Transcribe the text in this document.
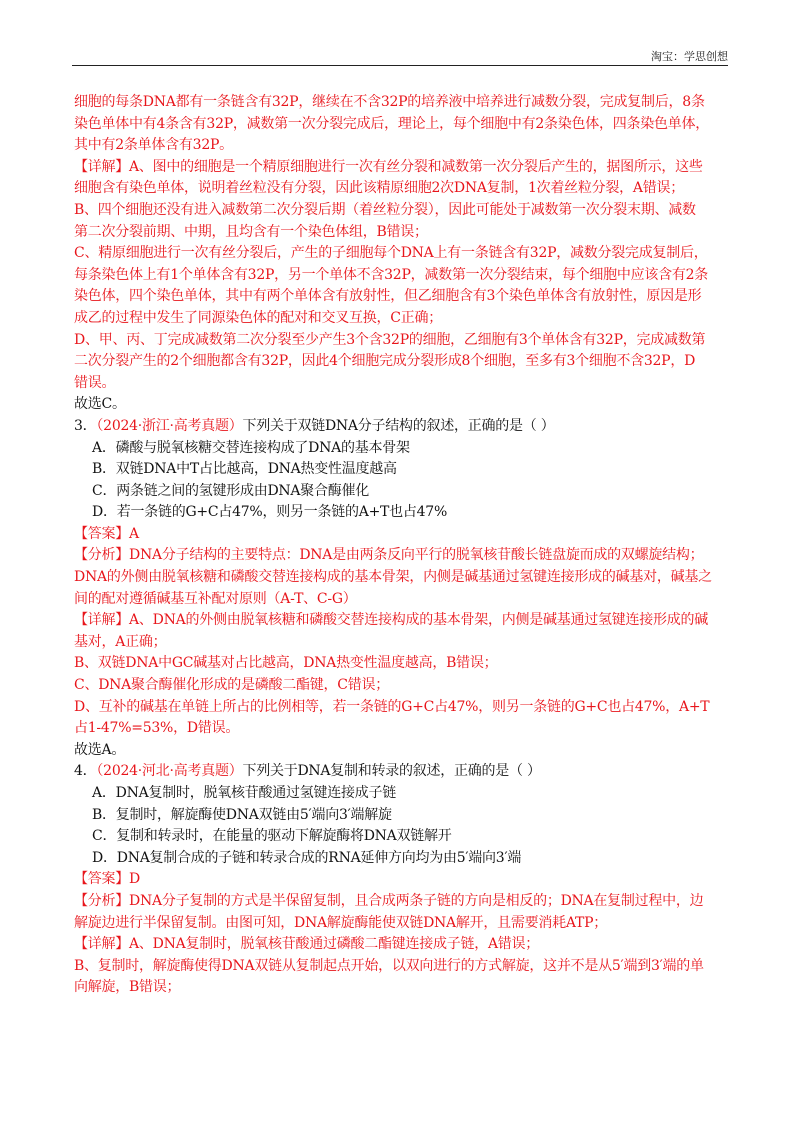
淘宝：学思创想
细胞的每条DNA都有一条链含有32P，继续在不含32P的培养液中培养进行减数分裂，完成复制后，8条
染色单体中有4条含有32P，减数第一次分裂完成后，理论上，每个细胞中有2条染色体，四条染色单体，
其中有2条单体含有32P。
【详解】A、图中的细胞是一个精原细胞进行一次有丝分裂和减数第一次分裂后产生的，据图所示，这些
细胞含有染色单体，说明着丝粒没有分裂，因此该精原细胞2次DNA复制，1次着丝粒分裂，A错误；
B、四个细胞还没有进入减数第二次分裂后期（着丝粒分裂），因此可能处于减数第一次分裂末期、减数
第二次分裂前期、中期，且均含有一个染色体组，B错误；
C、精原细胞进行一次有丝分裂后，产生的子细胞每个DNA上有一条链含有32P，减数分裂完成复制后，
每条染色体上有1个单体含有32P，另一个单体不含32P，减数第一次分裂结束，每个细胞中应该含有2条
染色体，四个染色单体，其中有两个单体含有放射性，但乙细胞含有3个染色单体含有放射性，原因是形
成乙的过程中发生了同源染色体的配对和交叉互换，C正确；
D、甲、丙、丁完成减数第二次分裂至少产生3个含32P的细胞，乙细胞有3个单体含有32P，完成减数第
二次分裂产生的2个细胞都含有32P，因此4个细胞完成分裂形成8个细胞，至多有3个细胞不含32P，D
错误。
故选C。
3．（2024·浙江·高考真题）下列关于双链DNA分子结构的叙述，正确的是（ ）
A．磷酸与脱氧核糖交替连接构成了DNA的基本骨架
B．双链DNA中T占比越高，DNA热变性温度越高
C．两条链之间的氢键形成由DNA聚合酶催化
D．若一条链的G+C占47%，则另一条链的A+T也占47%
【答案】A
【分析】DNA分子结构的主要特点：DNA是由两条反向平行的脱氧核苷酸长链盘旋而成的双螺旋结构；
DNA的外侧由脱氧核糖和磷酸交替连接构成的基本骨架，内侧是碱基通过氢键连接形成的碱基对，碱基之
间的配对遵循碱基互补配对原则（A-T、C-G）
【详解】A、DNA的外侧由脱氧核糖和磷酸交替连接构成的基本骨架，内侧是碱基通过氢键连接形成的碱
基对，A正确；
B、双链DNA中GC碱基对占比越高，DNA热变性温度越高，B错误；
C、DNA聚合酶催化形成的是磷酸二酯键，C错误；
D、互补的碱基在单链上所占的比例相等，若一条链的G+C占47%，则另一条链的G+C也占47%，A+T
占1-47%=53%，D错误。
故选A。
4．（2024·河北·高考真题）下列关于DNA复制和转录的叙述，正确的是（ ）
A．DNA复制时，脱氧核苷酸通过氢键连接成子链
B．复制时，解旋酶使DNA双链由5′端向3′端解旋
C．复制和转录时，在能量的驱动下解旋酶将DNA双链解开
D．DNA复制合成的子链和转录合成的RNA延伸方向均为由5′端向3′端
【答案】D
【分析】DNA分子复制的方式是半保留复制，且合成两条子链的方向是相反的；DNA在复制过程中，边
解旋边进行半保留复制。由图可知，DNA解旋酶能使双链DNA解开，且需要消耗ATP；
【详解】A、DNA复制时，脱氧核苷酸通过磷酸二酯键连接成子链，A错误；
B、复制时，解旋酶使得DNA双链从复制起点开始，以双向进行的方式解旋，这并不是从5′端到3′端的单
向解旋，B错误；
